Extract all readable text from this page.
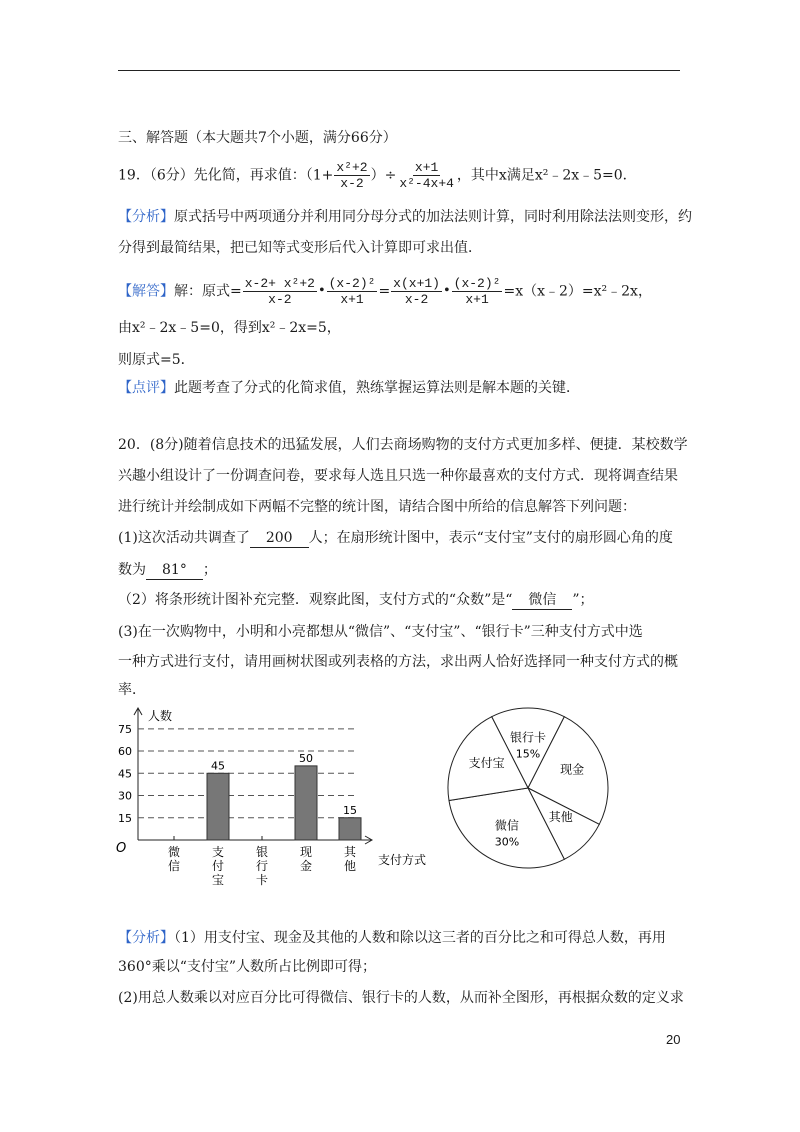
三、解答题（本大题共7个小题，满分66分）
19．（6分）先化简，再求值：（$1+ \frac{\text{x²+2}}{x-2}$ ）÷ $\frac{x+1}{\text{x²-4x+4}}$ ，其中x满足x²﹣2x﹣5=0．
【分析】原式括号中两项通分并利用同分母分式的加法法则计算，同时利用除法法则变形，约
分得到最简结果，把已知等式变形后代入计算即可求出值．
【解答】解：原式= $\frac{\text{x-2+ x²+2}}{x-2}$ • $\frac{\text{(x-2)²}}{x+1} = \frac{x(x+1)}{x-2}$ • $\frac{\text{(x-2)²}}{x+1}$ =x（x﹣2）=x²﹣2x，
由x²﹣2x﹣5=0，得到x²﹣2x=5，
则原式=5．
【点评】此题考查了分式的化简求值，熟练掌握运算法则是解本题的关键．
20．(8分)随着信息技术的迅猛发展，人们去商场购物的支付方式更加多样、便捷．某校数学
兴趣小组设计了一份调查问卷，要求每人选且只选一种你最喜欢的支付方式．现将调查结果
进行统计并绘制成如下两幅不完整的统计图，请结合图中所给的信息解答下列问题：
(1)这次活动共调查了 200 人；在扇形统计图中，表示“支付宝”支付的扇形圆心角的度
数为 81° ；
（2）将条形统计图补充完整．观察此图，支付方式的“众数”是“ 微信 ”；
(3)在一次购物中，小明和小亮都想从“微信”、“支付宝”、“银行卡”三种支付方式中选
一种方式进行支付，请用画树状图或列表格的方法，求出两人恰好选择同一种支付方式的概
率．
人数
支付方式
O
15
30
45
60
75
微
信
支
付
宝
45
银
行
卡
现
金
50
其
他
15
银行卡
15%
现金
其他
微信
30%
支付宝
【分析】（1）用支付宝、现金及其他的人数和除以这三者的百分比之和可得总人数，再用
360°乘以“支付宝”人数所占比例即可得；
(2)用总人数乘以对应百分比可得微信、银行卡的人数，从而补全图形，再根据众数的定义求
20
